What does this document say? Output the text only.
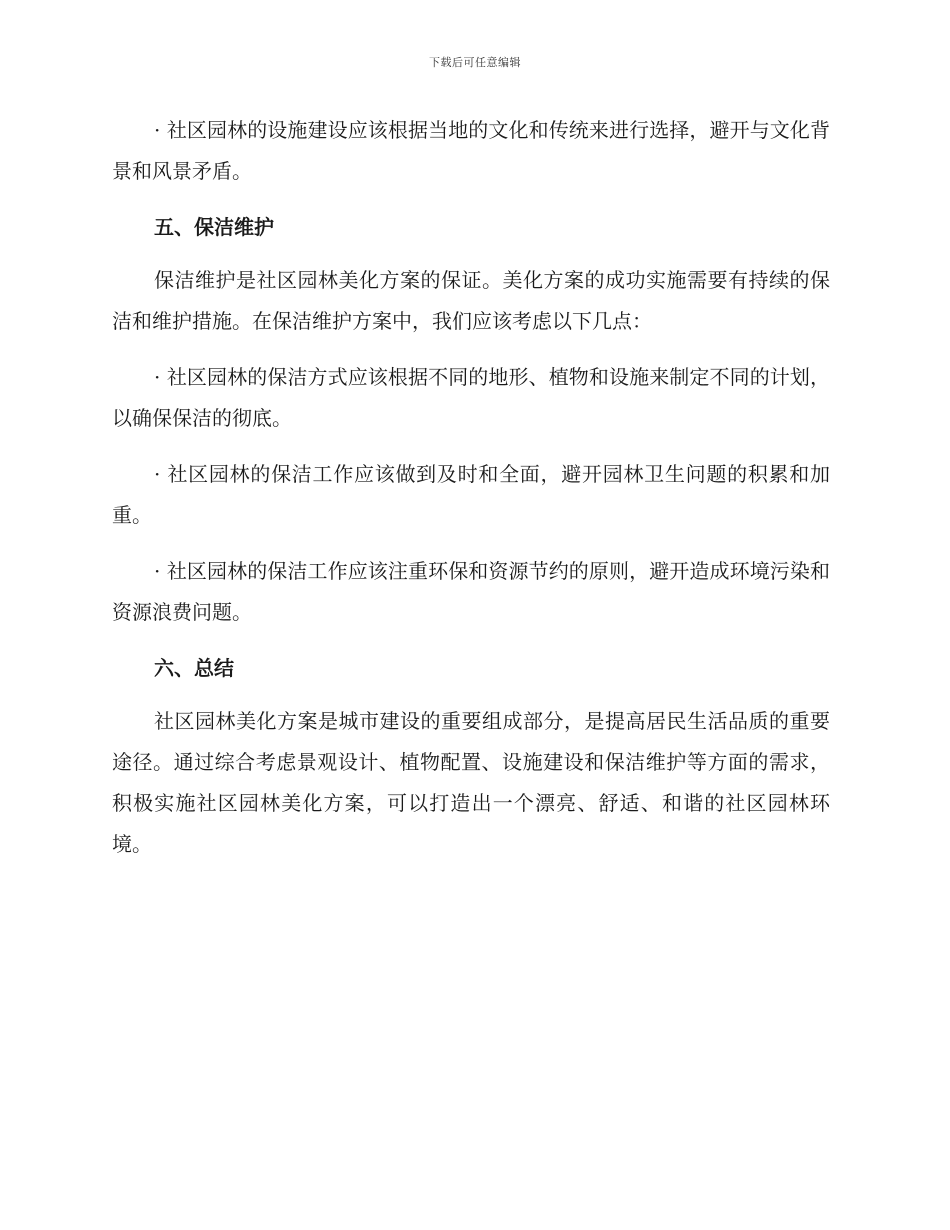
下载后可任意编辑

· 社区园林的设施建设应该根据当地的文化和传统来进行选择，避开与文化背景和风景矛盾。

五、保洁维护

保洁维护是社区园林美化方案的保证。美化方案的成功实施需要有持续的保洁和维护措施。在保洁维护方案中，我们应该考虑以下几点：

· 社区园林的保洁方式应该根据不同的地形、植物和设施来制定不同的计划，以确保保洁的彻底。

· 社区园林的保洁工作应该做到及时和全面，避开园林卫生问题的积累和加重。

· 社区园林的保洁工作应该注重环保和资源节约的原则，避开造成环境污染和资源浪费问题。

六、总结

社区园林美化方案是城市建设的重要组成部分，是提高居民生活品质的重要途径。通过综合考虑景观设计、植物配置、设施建设和保洁维护等方面的需求，积极实施社区园林美化方案，可以打造出一个漂亮、舒适、和谐的社区园林环境。
